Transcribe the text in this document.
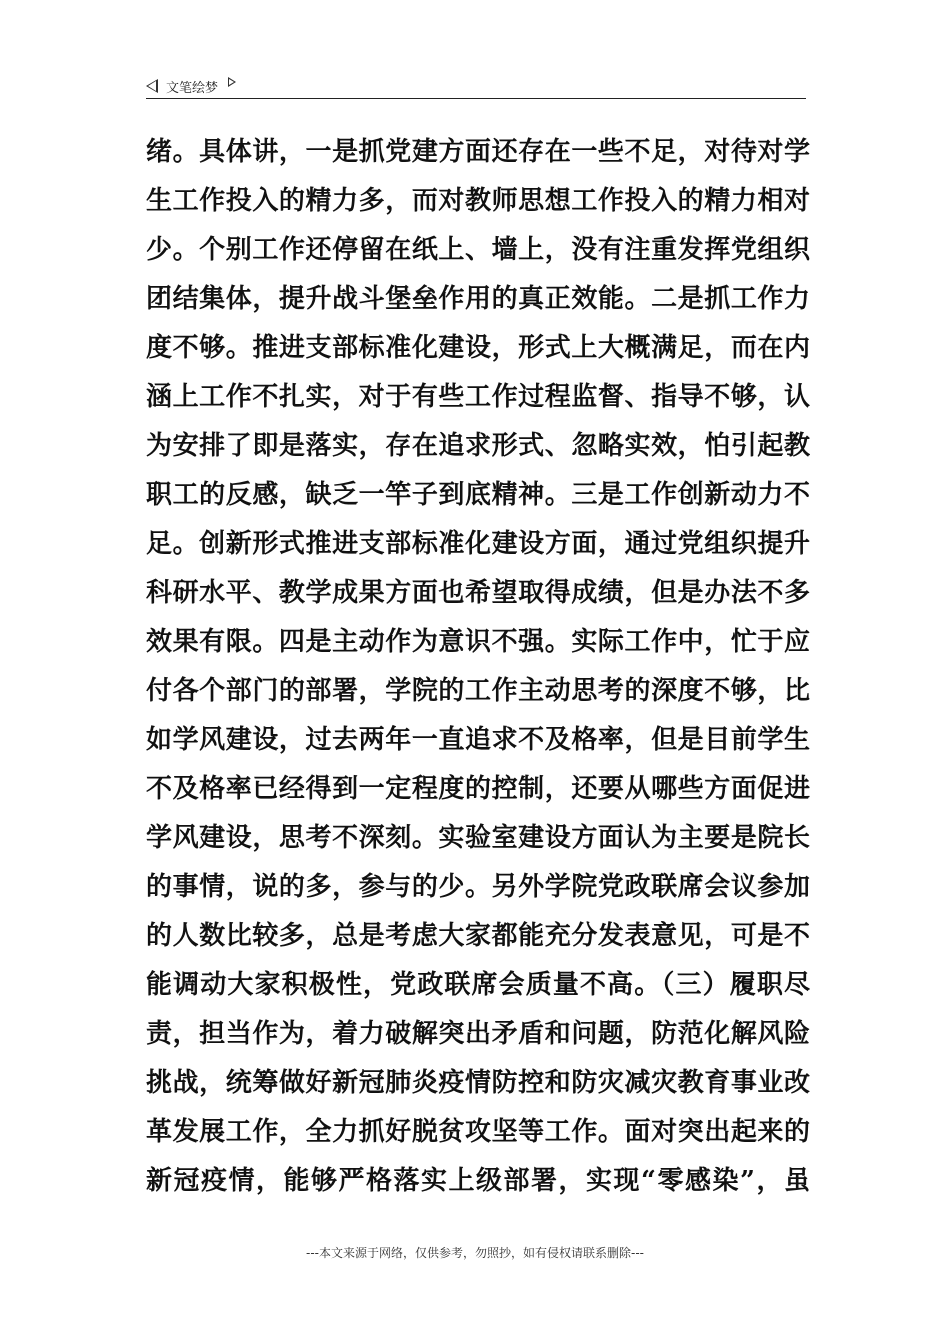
文笔绘梦
绪。具体讲，一是抓党建方面还存在一些不足，对待对学
生工作投入的精力多，而对教师思想工作投入的精力相对
少。个别工作还停留在纸上、墙上，没有注重发挥党组织
团结集体，提升战斗堡垒作用的真正效能。二是抓工作力
度不够。推进支部标准化建设，形式上大概满足，而在内
涵上工作不扎实，对于有些工作过程监督、指导不够，认
为安排了即是落实，存在追求形式、忽略实效，怕引起教
职工的反感，缺乏一竿子到底精神。三是工作创新动力不
足。创新形式推进支部标准化建设方面，通过党组织提升
科研水平、教学成果方面也希望取得成绩，但是办法不多
效果有限。四是主动作为意识不强。实际工作中，忙于应
付各个部门的部署，学院的工作主动思考的深度不够，比
如学风建设，过去两年一直追求不及格率，但是目前学生
不及格率已经得到一定程度的控制，还要从哪些方面促进
学风建设，思考不深刻。实验室建设方面认为主要是院长
的事情，说的多，参与的少。另外学院党政联席会议参加
的人数比较多，总是考虑大家都能充分发表意见，可是不
能调动大家积极性，党政联席会质量不高。（三）履职尽
责，担当作为，着力破解突出矛盾和问题，防范化解风险
挑战，统筹做好新冠肺炎疫情防控和防灾减灾教育事业改
革发展工作，全力抓好脱贫攻坚等工作。面对突出起来的
新冠疫情，能够严格落实上级部署，实现“零感染”，虽
---本文来源于网络，仅供参考，勿照抄，如有侵权请联系删除---
